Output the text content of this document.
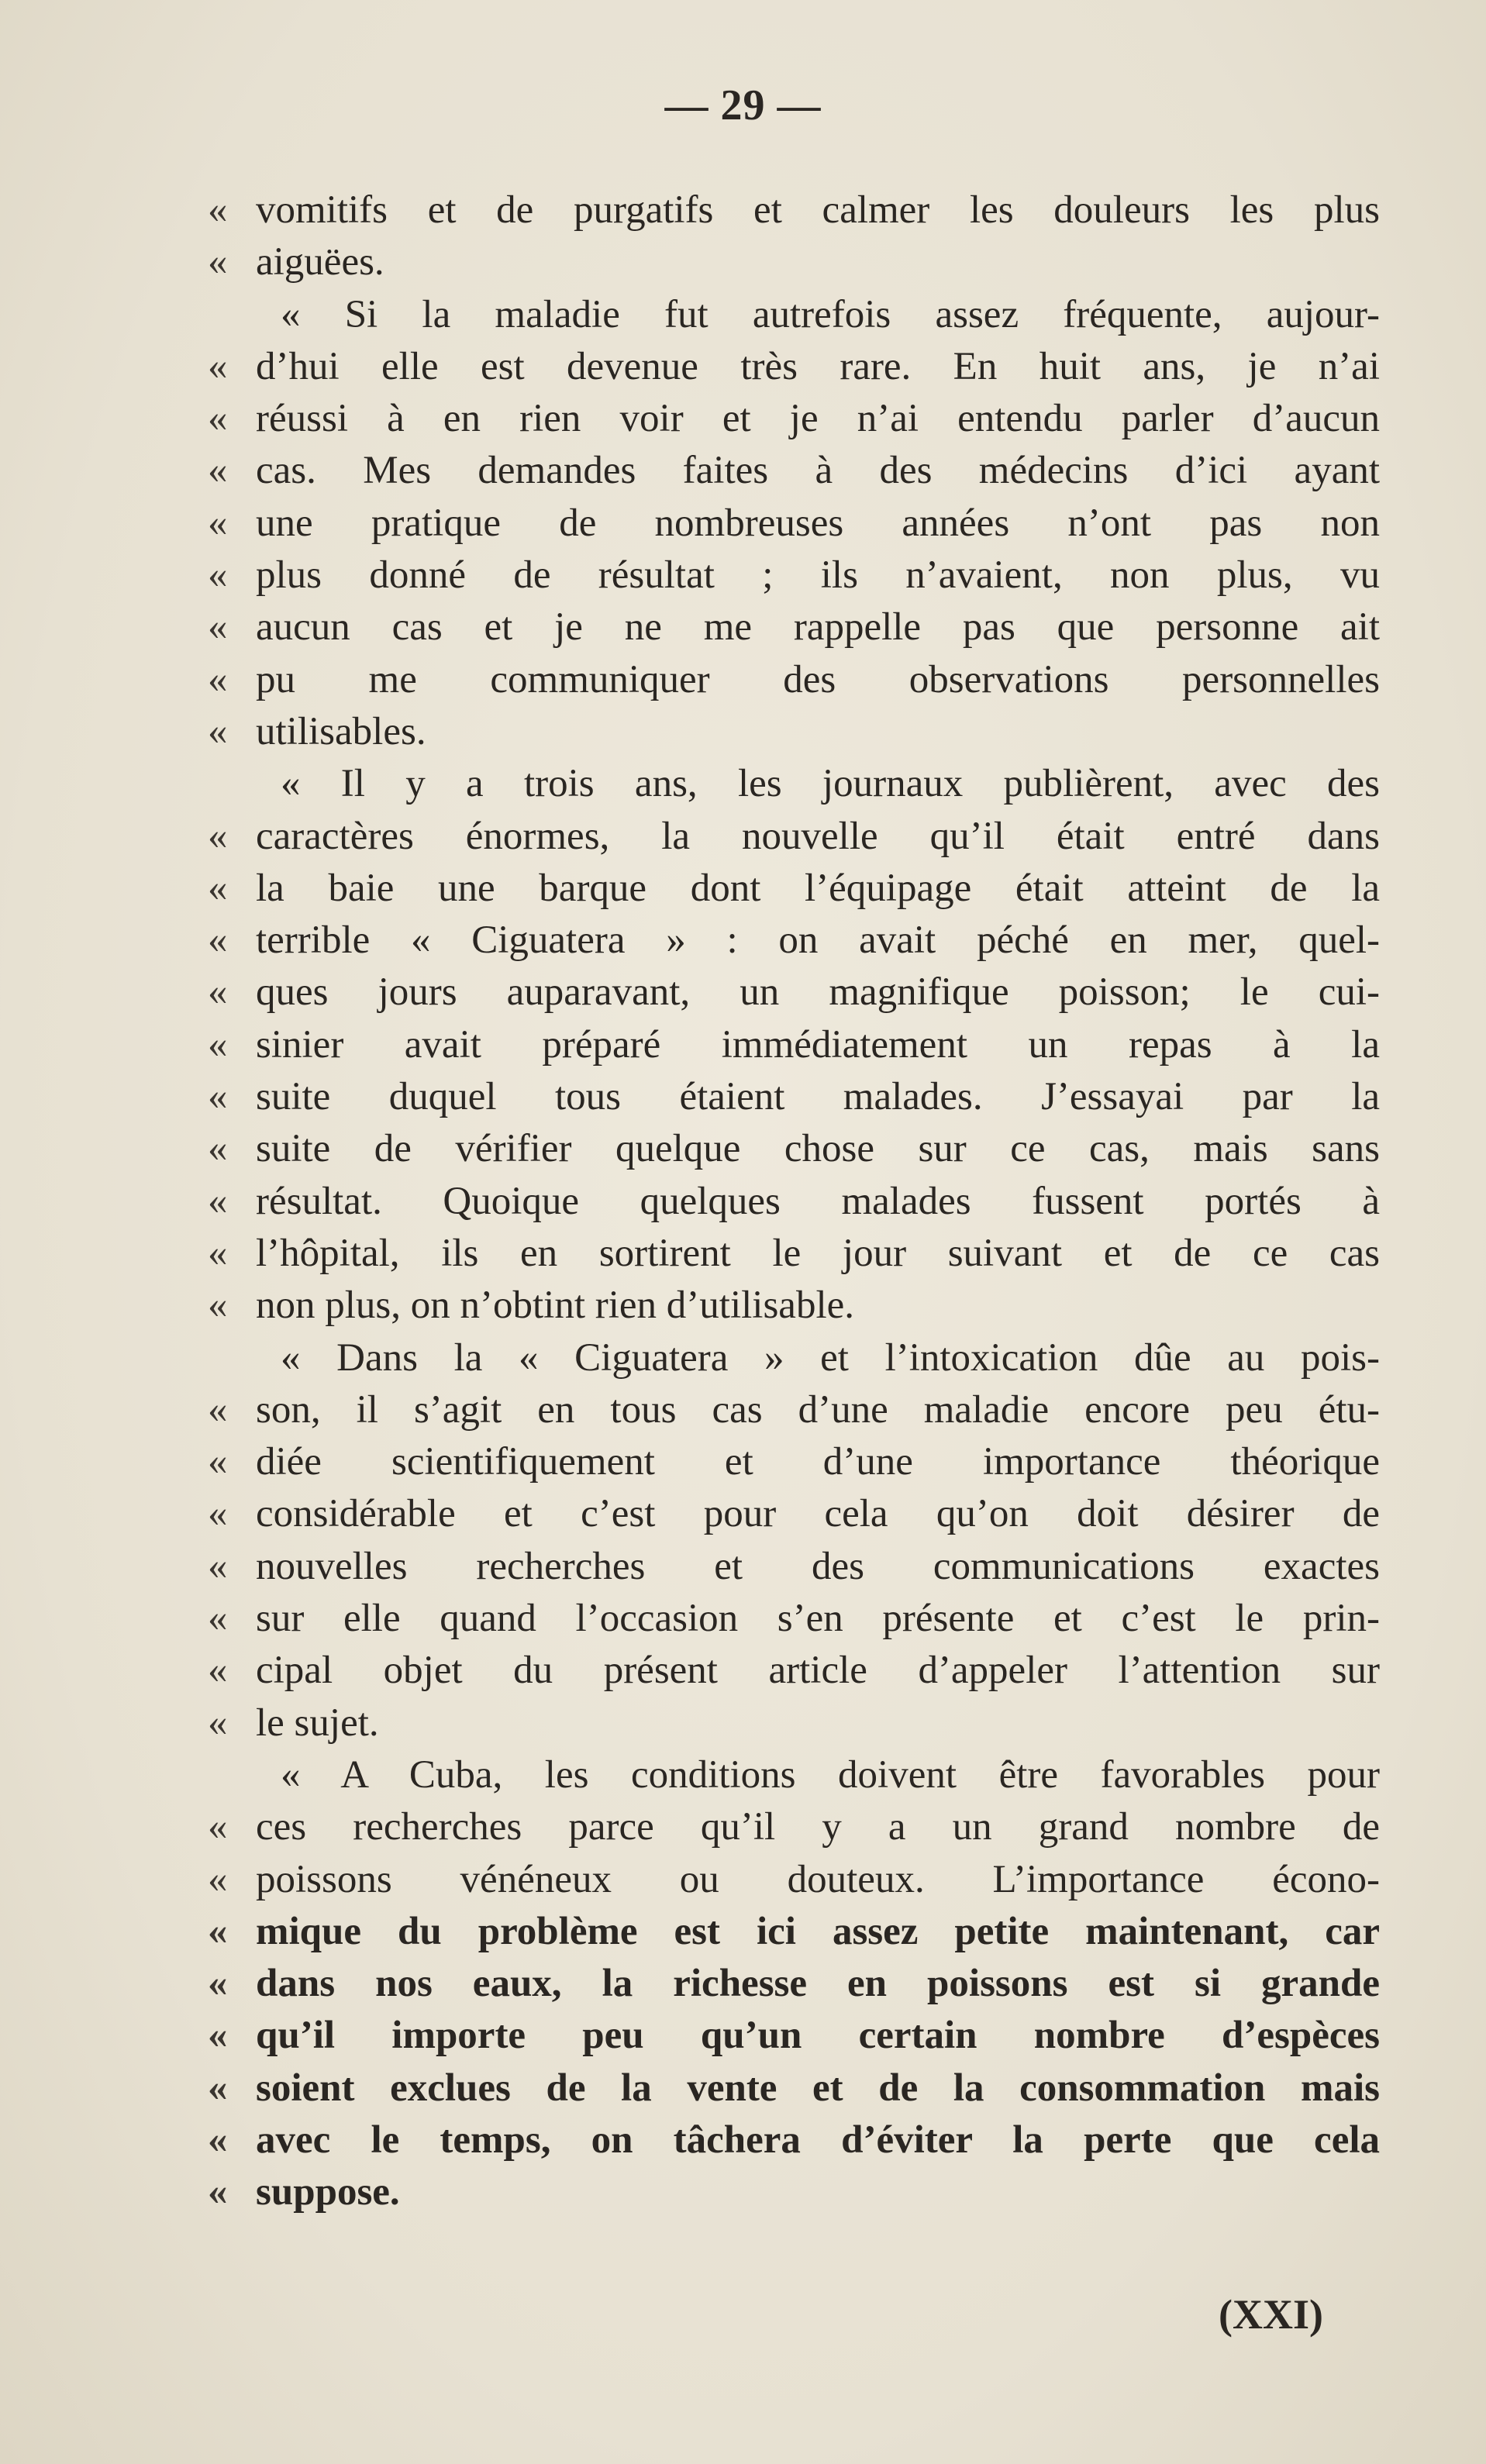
— 29 —
« vomitifs et de purgatifs et calmer les douleurs les plus
« aiguëes.
« Si la maladie fut autrefois assez fréquente, aujour-
« d’hui elle est devenue très rare. En huit ans, je n’ai
« réussi à en rien voir et je n’ai entendu parler d’aucun
« cas. Mes demandes faites à des médecins d’ici ayant
« une pratique de nombreuses années n’ont pas non
« plus donné de résultat ; ils n’avaient, non plus, vu
« aucun cas et je ne me rappelle pas que personne ait
« pu me communiquer des observations personnelles
« utilisables.
« Il y a trois ans, les journaux publièrent, avec des
« caractères énormes, la nouvelle qu’il était entré dans
« la baie une barque dont l’équipage était atteint de la
« terrible « Ciguatera » : on avait péché en mer, quel-
« ques jours auparavant, un magnifique poisson; le cui-
« sinier avait préparé immédiatement un repas à la
« suite duquel tous étaient malades. J’essayai par la
« suite de vérifier quelque chose sur ce cas, mais sans
« résultat. Quoique quelques malades fussent portés à
« l’hôpital, ils en sortirent le jour suivant et de ce cas
« non plus, on n’obtint rien d’utilisable.
« Dans la « Ciguatera » et l’intoxication dûe au pois-
« son, il s’agit en tous cas d’une maladie encore peu étu-
« diée scientifiquement et d’une importance théorique
« considérable et c’est pour cela qu’on doit désirer de
« nouvelles recherches et des communications exactes
« sur elle quand l’occasion s’en présente et c’est le prin-
« cipal objet du présent article d’appeler l’attention sur
« le sujet.
« A Cuba, les conditions doivent être favorables pour
« ces recherches parce qu’il y a un grand nombre de
« poissons vénéneux ou douteux. L’importance écono-
« mique du problème est ici assez petite maintenant, car
« dans nos eaux, la richesse en poissons est si grande
« qu’il importe peu qu’un certain nombre d’espèces
« soient exclues de la vente et de la consommation mais
« avec le temps, on tâchera d’éviter la perte que cela
« suppose.
(XXI)
